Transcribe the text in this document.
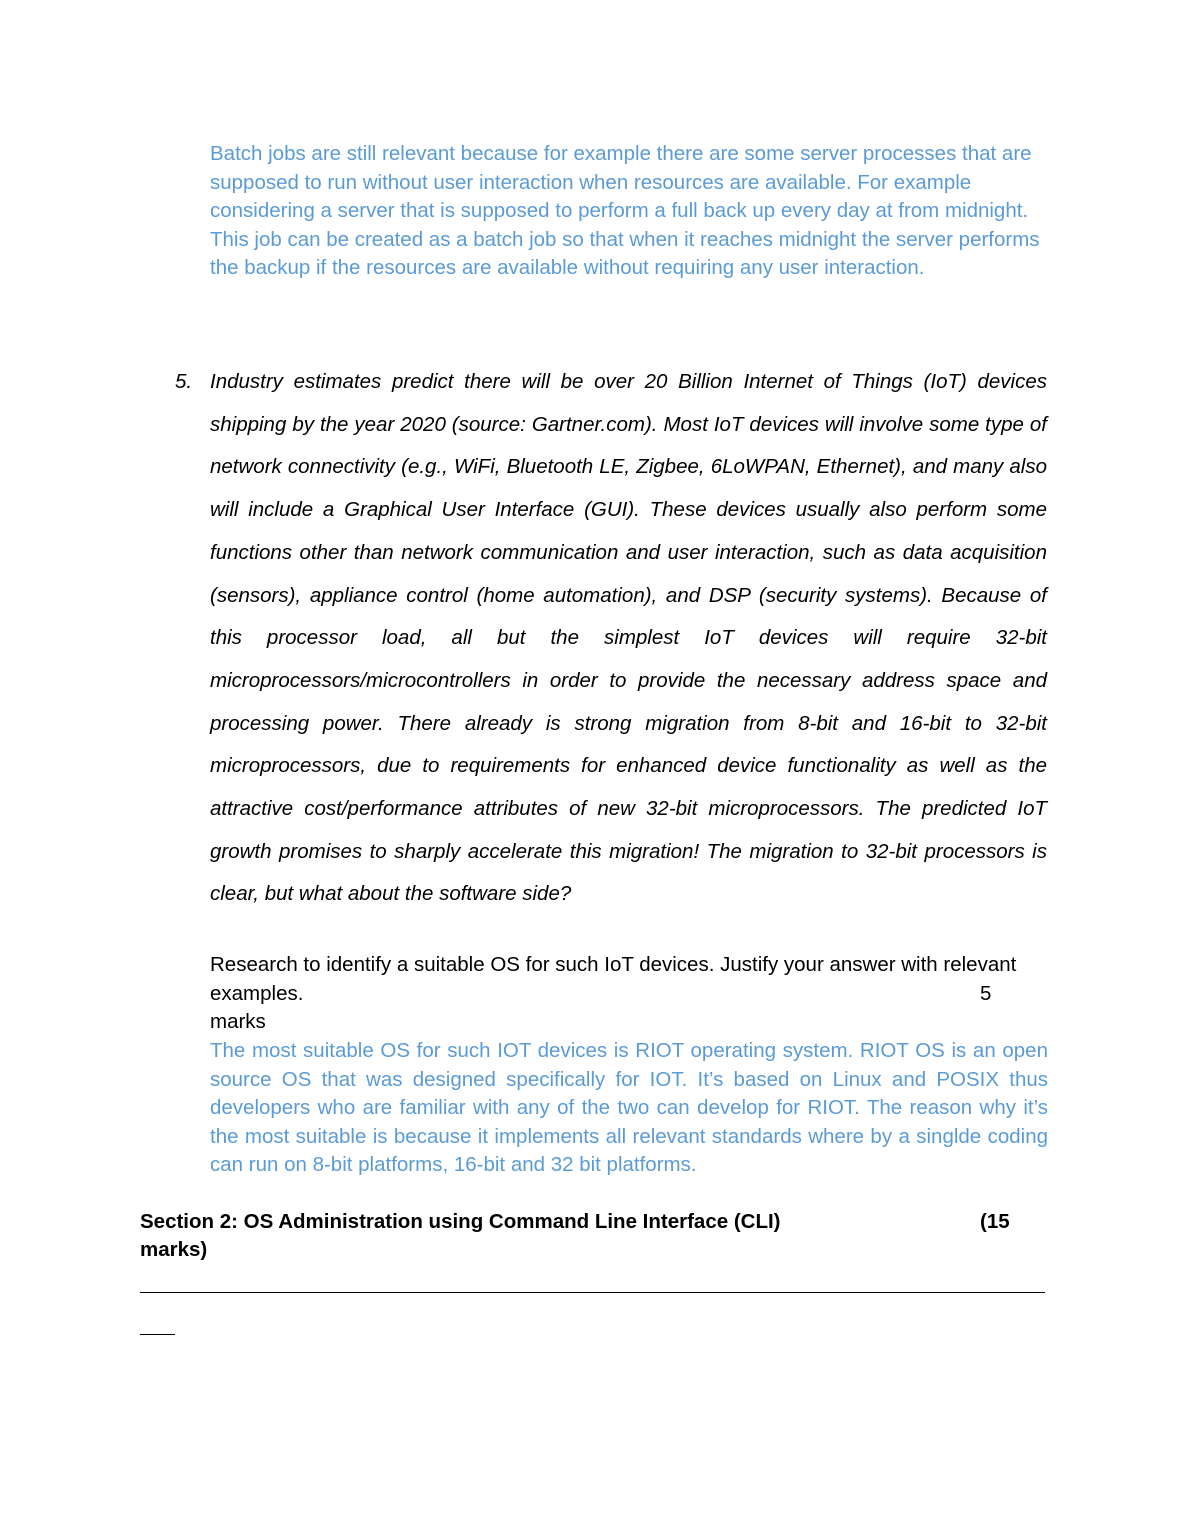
Batch jobs are still relevant because for example there are some server processes that are supposed to run without user interaction when resources are available. For example considering a server that is supposed to perform a full back up every day at from midnight. This job can be created as a batch job so that when it reaches midnight the server performs the backup if the resources are available without requiring any user interaction.
5. Industry estimates predict there will be over 20 Billion Internet of Things (IoT) devices shipping by the year 2020 (source: Gartner.com). Most IoT devices will involve some type of network connectivity (e.g., WiFi, Bluetooth LE, Zigbee, 6LoWPAN, Ethernet), and many also will include a Graphical User Interface (GUI). These devices usually also perform some functions other than network communication and user interaction, such as data acquisition (sensors), appliance control (home automation), and DSP (security systems). Because of this processor load, all but the simplest IoT devices will require 32-bit microprocessors/microcontrollers in order to provide the necessary address space and processing power. There already is strong migration from 8-bit and 16-bit to 32-bit microprocessors, due to requirements for enhanced device functionality as well as the attractive cost/performance attributes of new 32-bit microprocessors. The predicted IoT growth promises to sharply accelerate this migration! The migration to 32-bit processors is clear, but what about the software side?
Research to identify a suitable OS for such IoT devices. Justify your answer with relevant examples.	5
marks
The most suitable OS for such IOT devices is RIOT operating system. RIOT OS is an open source OS that was designed specifically for IOT. It’s based on Linux and POSIX thus developers who are familiar with any of the two can develop for RIOT. The reason why it’s the most suitable is because it implements all relevant standards where by a singlde coding can run on 8-bit platforms, 16-bit and 32 bit platforms.
Section 2: OS Administration using Command Line Interface (CLI)	(15
marks)
